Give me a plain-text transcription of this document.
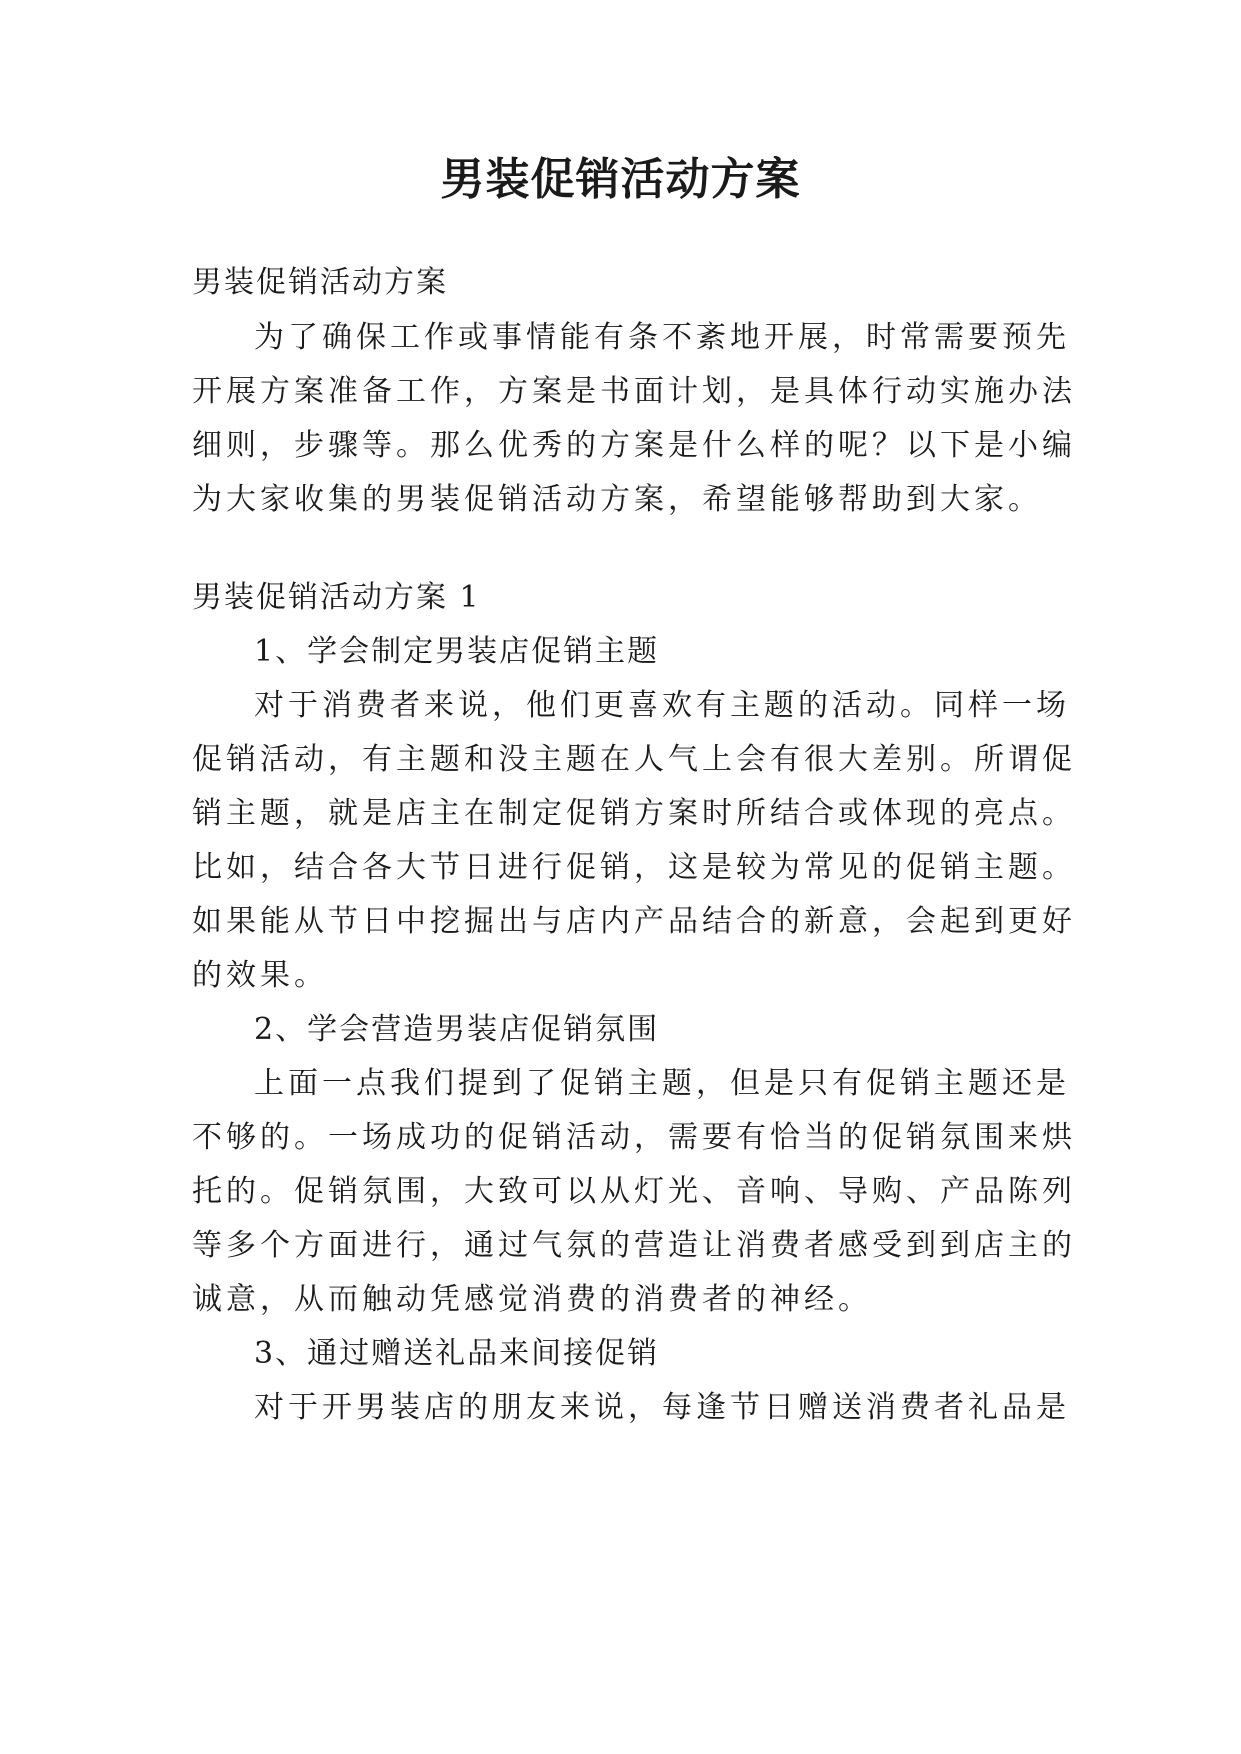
男装促销活动方案
男装促销活动方案
为了确保工作或事情能有条不紊地开展，时常需要预先
开展方案准备工作，方案是书面计划，是具体行动实施办法
细则，步骤等。那么优秀的方案是什么样的呢？以下是小编
为大家收集的男装促销活动方案，希望能够帮助到大家。
男装促销活动方案 1
1、学会制定男装店促销主题
对于消费者来说，他们更喜欢有主题的活动。同样一场
促销活动，有主题和没主题在人气上会有很大差别。所谓促
销主题，就是店主在制定促销方案时所结合或体现的亮点。
比如，结合各大节日进行促销，这是较为常见的促销主题。
如果能从节日中挖掘出与店内产品结合的新意，会起到更好
的效果。
2、学会营造男装店促销氛围
上面一点我们提到了促销主题，但是只有促销主题还是
不够的。一场成功的促销活动，需要有恰当的促销氛围来烘
托的。促销氛围，大致可以从灯光、音响、导购、产品陈列
等多个方面进行，通过气氛的营造让消费者感受到到店主的
诚意，从而触动凭感觉消费的消费者的神经。
3、通过赠送礼品来间接促销
对于开男装店的朋友来说，每逢节日赠送消费者礼品是
